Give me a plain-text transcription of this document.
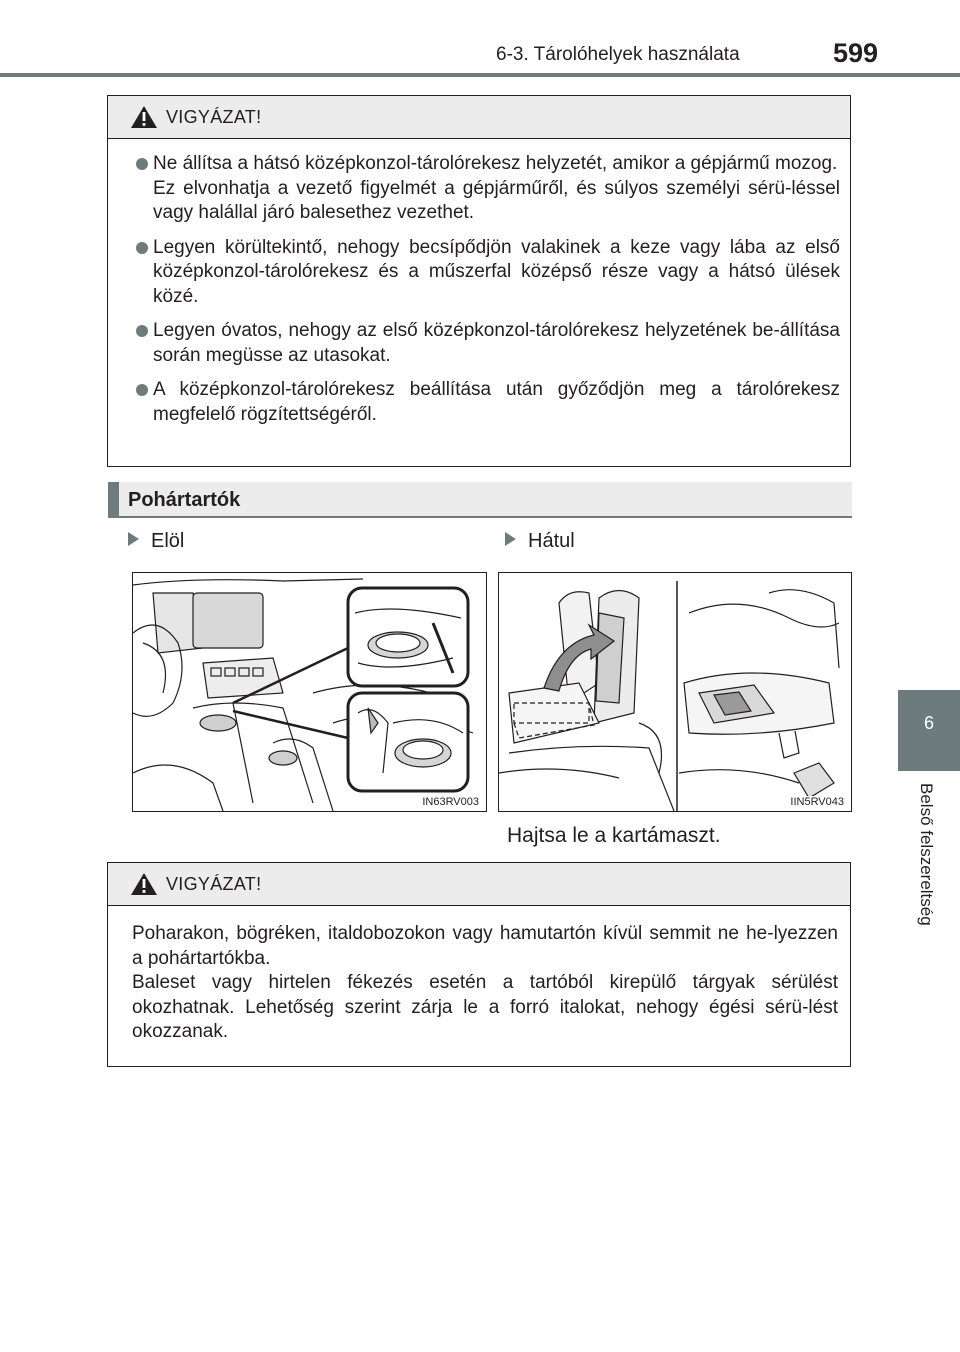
6-3. Tárolóhelyek használata	599
6
Belső felszereltség
VIGYÁZAT!
Ne állítsa a hátsó középkonzol-tárolórekesz helyzetét, amikor a gépjármű mozog.
Ez elvonhatja a vezető figyelmét a gépjárműről, és súlyos személyi sérü-léssel vagy halállal járó balesethez vezethet.
Legyen körültekintő, nehogy becsípődjön valakinek a keze vagy lába az első középkonzol-tárolórekesz és a műszerfal középső része vagy a hátsó ülések közé.
Legyen óvatos, nehogy az első középkonzol-tárolórekesz helyzetének be-állítása során megüsse az utasokat.
A középkonzol-tárolórekesz beállítása után győződjön meg a tárolórekesz megfelelő rögzítettségéről.
Pohártartók
Elöl	Hátul
IN63RV003	IIN5RV043
Hajtsa le a kartámaszt.
VIGYÁZAT!
Poharakon, bögréken, italdobozokon vagy hamutartón kívül semmit ne he-lyezzen a pohártartókba.
Baleset vagy hirtelen fékezés esetén a tartóból kirepülő tárgyak sérülést okozhatnak. Lehetőség szerint zárja le a forró italokat, nehogy égési sérü-lést okozzanak.
